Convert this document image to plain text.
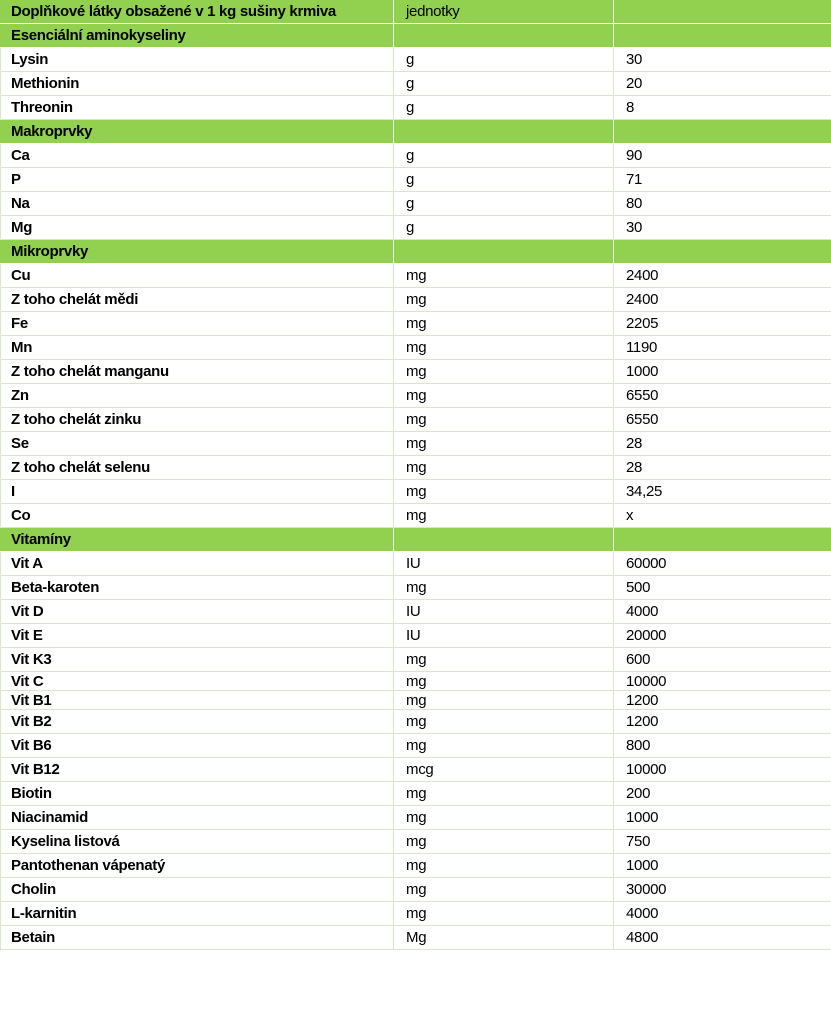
Doplňkové látky obsažené v 1 kg sušiny krmiva	jednotky	
Esenciální aminokyseliny		
Lysin	g	30
Methionin	g	20
Threonin	g	8
Makroprvky		
Ca	g	90
P	g	71
Na	g	80
Mg	g	30
Mikroprvky		
Cu	mg	2400
Z toho chelát mědi	mg	2400
Fe	mg	2205
Mn	mg	1190
Z toho chelát manganu	mg	1000
Zn	mg	6550
Z toho chelát zinku	mg	6550
Se	mg	28
Z toho chelát selenu	mg	28
I	mg	34,25
Co	mg	x
Vitamíny		
Vit A	IU	60000
Beta-karoten	mg	500
Vit D	IU	4000
Vit E	IU	20000
Vit K3	mg	600
Vit C	mg	10000
Vit B1	mg	1200
Vit B2	mg	1200
Vit B6	mg	800
Vit B12	mcg	10000
Biotin	mg	200
Niacinamid	mg	1000
Kyselina listová	mg	750
Pantothenan vápenatý	mg	1000
Cholin	mg	30000
L-karnitin	mg	4000
Betain	Mg	4800
